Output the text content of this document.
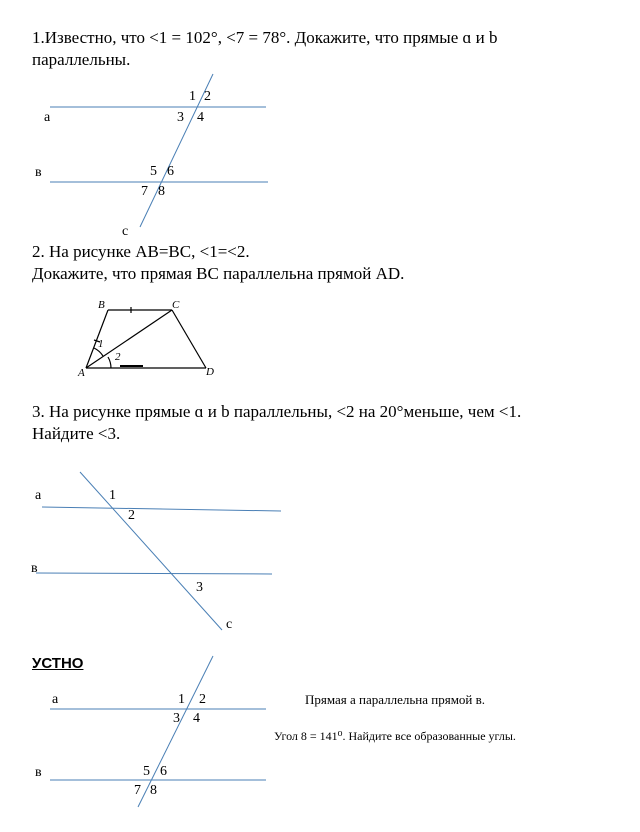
1.Известно, что <1 = 102°, <7 = 78°. Докажите, что прямые ɑ и b
параллельны.
a
в
c
1 2
3 4
5 6
7 8
2. На рисунке AB=BC, <1=<2.
Докажите, что прямая BC параллельна прямой AD.
B	C
A	D
1
2
3. На рисунке прямые ɑ и b параллельны, <2 на 20°меньше, чем <1.
Найдите <3.
a
в
c
1
2
3
УСТНО
Прямая а параллельна прямой в.
Угол 8 = 141⁰. Найдите все образованные углы.
a
в
1 2
3 4
5 6
7 8
